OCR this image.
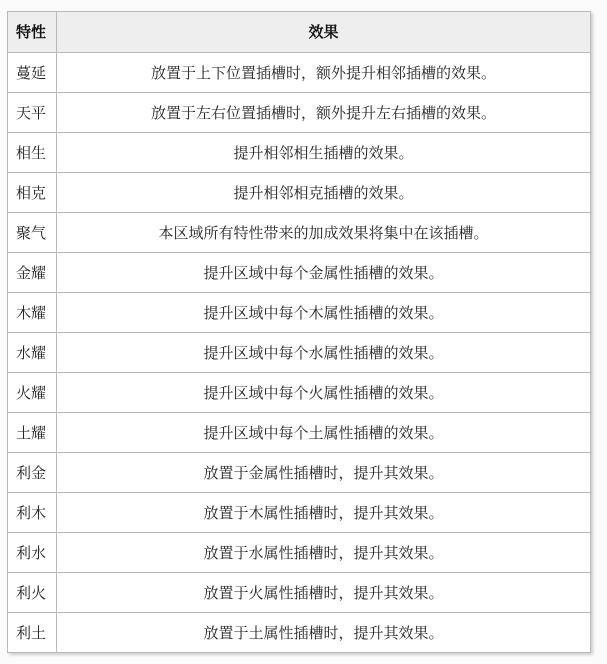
特性	效果
蔓延	放置于上下位置插槽时，额外提升相邻插槽的效果。
天平	放置于左右位置插槽时，额外提升左右插槽的效果。
相生	提升相邻相生插槽的效果。
相克	提升相邻相克插槽的效果。
聚气	本区域所有特性带来的加成效果将集中在该插槽。
金耀	提升区域中每个金属性插槽的效果。
木耀	提升区域中每个木属性插槽的效果。
水耀	提升区域中每个水属性插槽的效果。
火耀	提升区域中每个火属性插槽的效果。
土耀	提升区域中每个土属性插槽的效果。
利金	放置于金属性插槽时，提升其效果。
利木	放置于木属性插槽时，提升其效果。
利水	放置于水属性插槽时，提升其效果。
利火	放置于火属性插槽时，提升其效果。
利土	放置于土属性插槽时，提升其效果。
